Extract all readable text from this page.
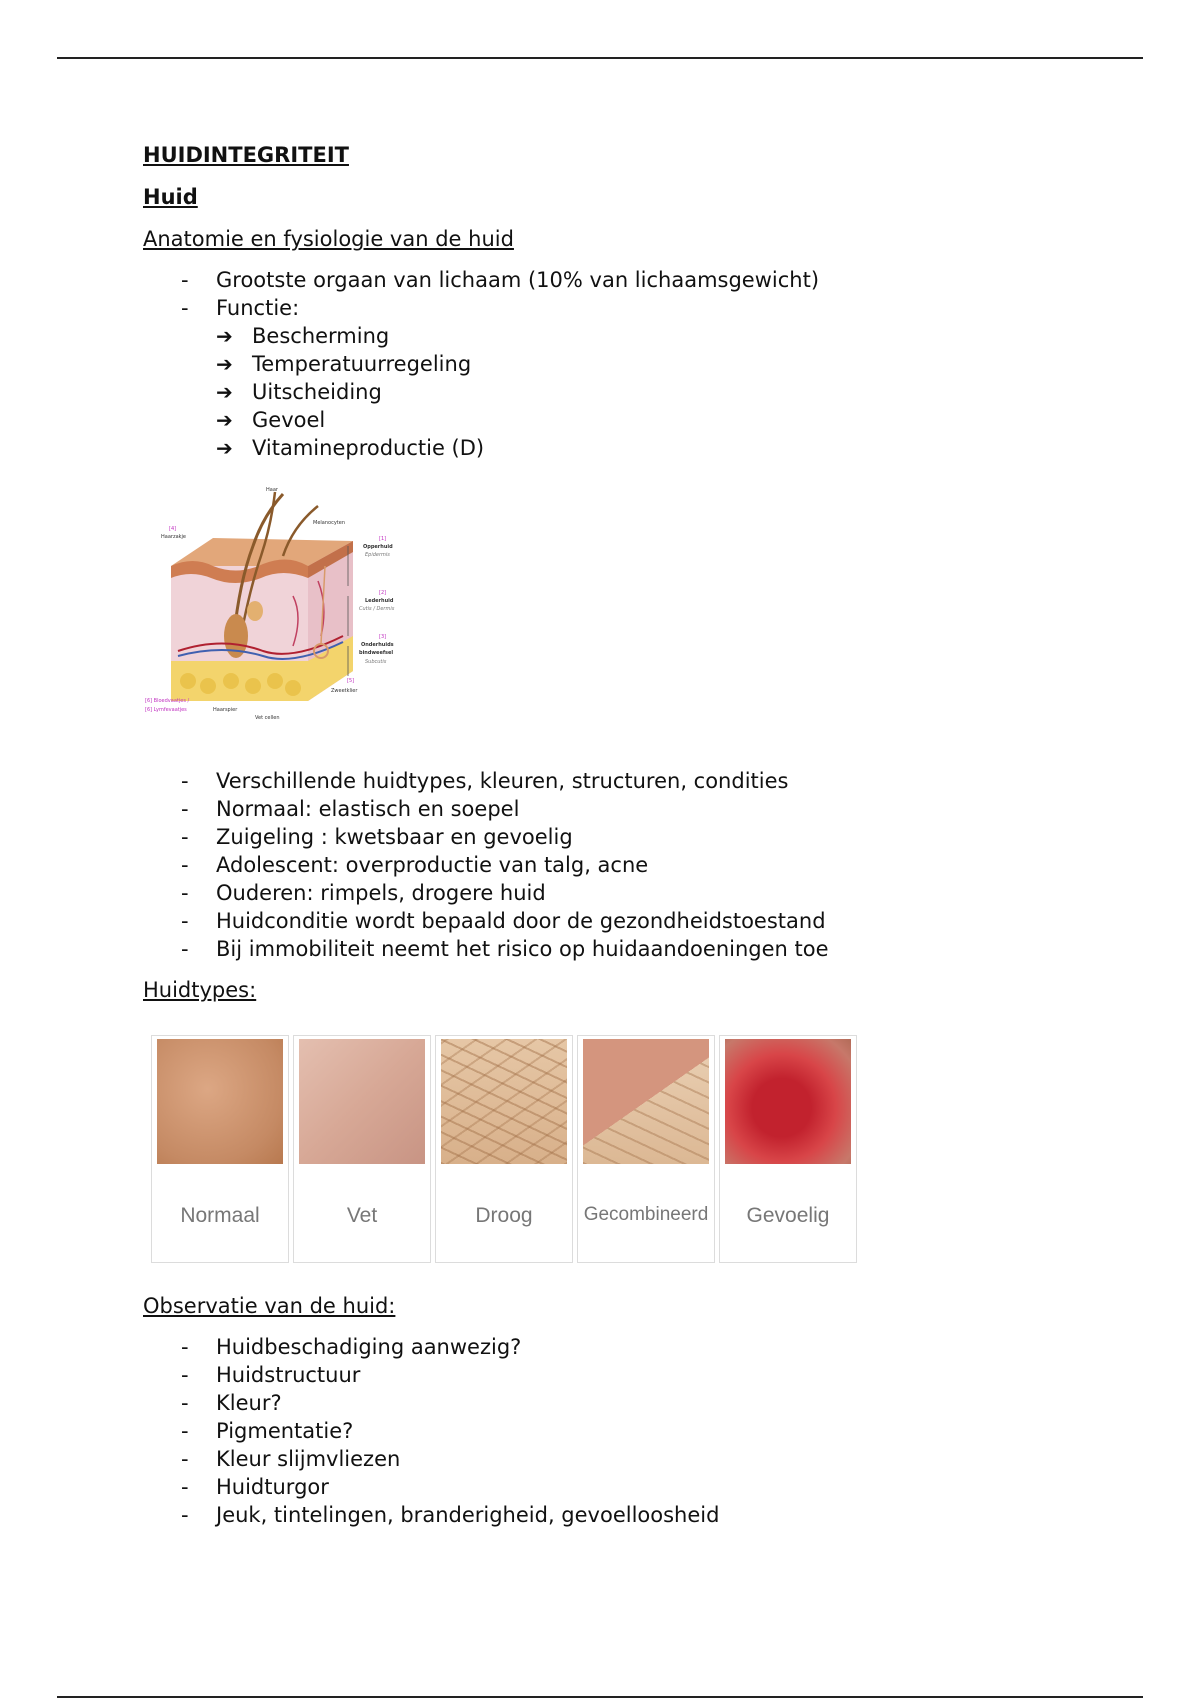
HUIDINTEGRITEIT
Huid
Anatomie en fysiologie van de huid
- Grootste orgaan van lichaam (10% van lichaamsgewicht)
- Functie:
➔ Bescherming
➔ Temperatuurregeling
➔ Uitscheiding
➔ Gevoel
➔ Vitamineproductie (D)
Haar
[4]
Haarzakje
Melanocyten
[1]
Opperhuid
Epidermis
[2]
Lederhuid
Cutis / Dermis
[3]
Onderhuids
bindweefsel
Subcutis
[5]
Zweetklier
[6] Bloedvaatjes /
[6] Lymfevaatjes	Haarspier
Vet cellen
- Verschillende huidtypes, kleuren, structuren, condities
- Normaal: elastisch en soepel
- Zuigeling : kwetsbaar en gevoelig
- Adolescent: overproductie van talg, acne
- Ouderen: rimpels, drogere huid
- Huidconditie wordt bepaald door de gezondheidstoestand
- Bij immobiliteit neemt het risico op huidaandoeningen toe
Huidtypes:
Normaal	Vet	Droog	Gecombineerd	Gevoelig
Observatie van de huid:
- Huidbeschadiging aanwezig?
- Huidstructuur
- Kleur?
- Pigmentatie?
- Kleur slijmvliezen
- Huidturgor
- Jeuk, tintelingen, branderigheid, gevoelloosheid
